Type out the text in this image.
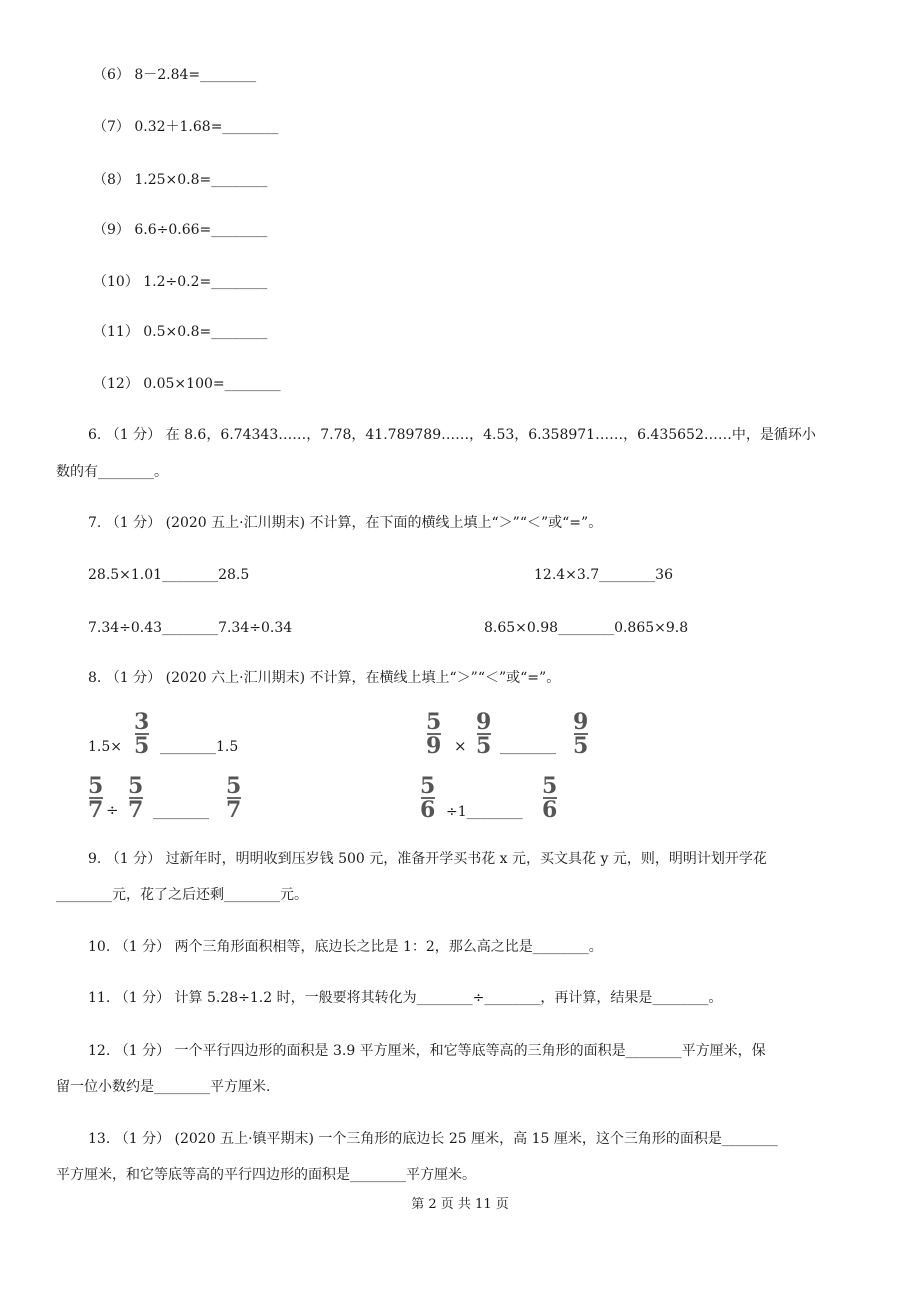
（6） 8－2.84=________
（7） 0.32＋1.68=________
（8） 1.25×0.8=________
（9） 6.6÷0.66=________
（10） 1.2÷0.2=________
（11） 0.5×0.8=________
（12） 0.05×100=________
6. （1 分） 在 8.6，6.74343……，7.78，41.789789……，4.53，6.358971……，6.435652……中，是循环小
数的有________。
7. （1 分） (2020 五上·汇川期末) 不计算，在下面的横线上填上“＞”“＜”或“=”。
28.5×1.01________28.5	12.4×3.7________36
7.34÷0.43________7.34÷0.34	8.65×0.98________0.865×9.8
8. （1 分） (2020 六上·汇川期末) 不计算，在横线上填上“＞”“＜”或“=”。
1.5×
3
5 ________1.5
5
9 ×
9
5 ________
9
5
5
7 ÷
5
7 ________
5
7
5
6 ÷1________
5
6
9. （1 分） 过新年时，明明收到压岁钱 500 元，准备开学买书花 x 元，买文具花 y 元，则，明明计划开学花
________元，花了之后还剩________元。
10. （1 分） 两个三角形面积相等，底边长之比是 1：2，那么高之比是________。
11. （1 分） 计算 5.28÷1.2 时，一般要将其转化为________÷________，再计算，结果是________。
12. （1 分） 一个平行四边形的面积是 3.9 平方厘米，和它等底等高的三角形的面积是________平方厘米，保
留一位小数约是________平方厘米.
13. （1 分） (2020 五上·镇平期末) 一个三角形的底边长 25 厘米，高 15 厘米，这个三角形的面积是________
平方厘米，和它等底等高的平行四边形的面积是________平方厘米。
第 2 页 共 11 页
